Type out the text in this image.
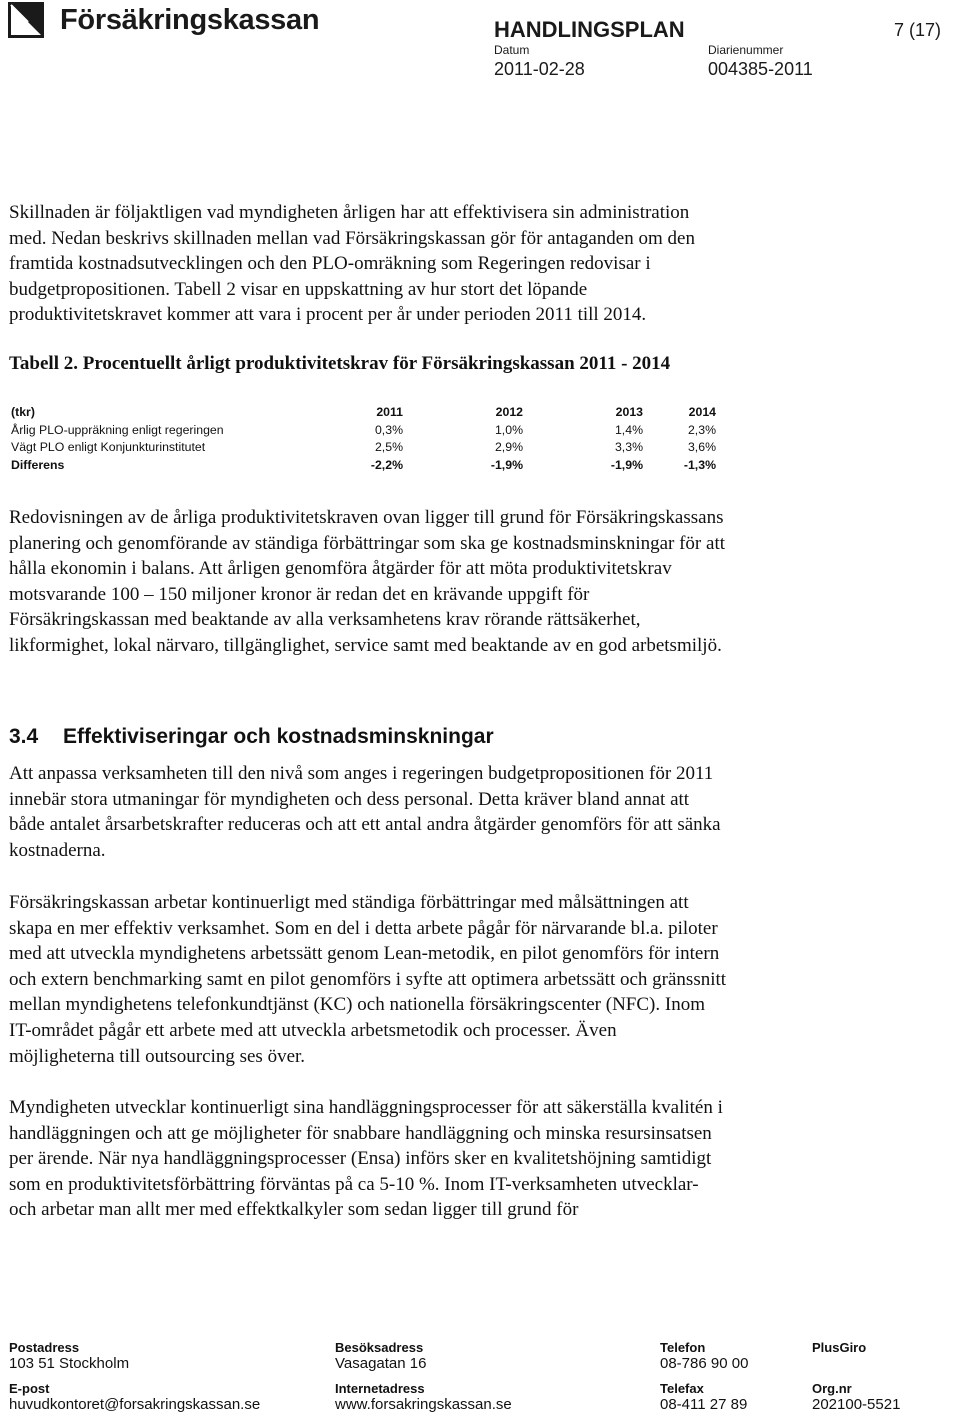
Försäkringskassan	HANDLINGSPLAN	7 (17)
Datum
2011-02-28
Diarienummer
004385-2011
Skillnaden är följaktligen vad myndigheten årligen har att effektivisera sin administration
med. Nedan beskrivs skillnaden mellan vad Försäkringskassan gör för antaganden om den
framtida kostnadsutvecklingen och den PLO-omräkning som Regeringen redovisar i
budgetpropositionen. Tabell 2 visar en uppskattning av hur stort det löpande
produktivitetskravet kommer att vara i procent per år under perioden 2011 till 2014.
Tabell 2. Procentuellt årligt produktivitetskrav för Försäkringskassan 2011 - 2014
(tkr)	2011	2012	2013	2014
Årlig PLO-uppräkning enligt regeringen	0,3%	1,0%	1,4%	2,3%
Vägt PLO enligt Konjunkturinstitutet	2,5%	2,9%	3,3%	3,6%
Differens	-2,2%	-1,9%	-1,9%	-1,3%
Redovisningen av de årliga produktivitetskraven ovan ligger till grund för Försäkringskassans
planering och genomförande av ständiga förbättringar som ska ge kostnadsminskningar för att
hålla ekonomin i balans. Att årligen genomföra åtgärder för att möta produktivitetskrav
motsvarande 100 – 150 miljoner kronor är redan det en krävande uppgift för
Försäkringskassan med beaktande av alla verksamhetens krav rörande rättsäkerhet,
likformighet, lokal närvaro, tillgänglighet, service samt med beaktande av en god arbetsmiljö.
3.4 Effektiviseringar och kostnadsminskningar
Att anpassa verksamheten till den nivå som anges i regeringen budgetpropositionen för 2011
innebär stora utmaningar för myndigheten och dess personal. Detta kräver bland annat att
både antalet årsarbetskrafter reduceras och att ett antal andra åtgärder genomförs för att sänka
kostnaderna.
Försäkringskassan arbetar kontinuerligt med ständiga förbättringar med målsättningen att
skapa en mer effektiv verksamhet. Som en del i detta arbete pågår för närvarande bl.a. piloter
med att utveckla myndighetens arbetssätt genom Lean-metodik, en pilot genomförs för intern
och extern benchmarking samt en pilot genomförs i syfte att optimera arbetssätt och gränssnitt
mellan myndighetens telefonkundtjänst (KC) och nationella försäkringscenter (NFC). Inom
IT-området pågår ett arbete med att utveckla arbetsmetodik och processer. Även
möjligheterna till outsourcing ses över.
Myndigheten utvecklar kontinuerligt sina handläggningsprocesser för att säkerställa kvalitén i
handläggningen och att ge möjligheter för snabbare handläggning och minska resursinsatsen
per ärende. När nya handläggningsprocesser (Ensa) införs sker en kvalitetshöjning samtidigt
som en produktivitetsförbättring förväntas på ca 5-10 %. Inom IT-verksamheten utvecklar-
och arbetar man allt mer med effektkalkyler som sedan ligger till grund för
Postadress
103 51 Stockholm
Besöksadress
Vasagatan 16
Telefon
08-786 90 00
PlusGiro
E-post
huvudkontoret@forsakringskassan.se
Internetadress
www.forsakringskassan.se
Telefax
08-411 27 89
Org.nr
202100-5521
